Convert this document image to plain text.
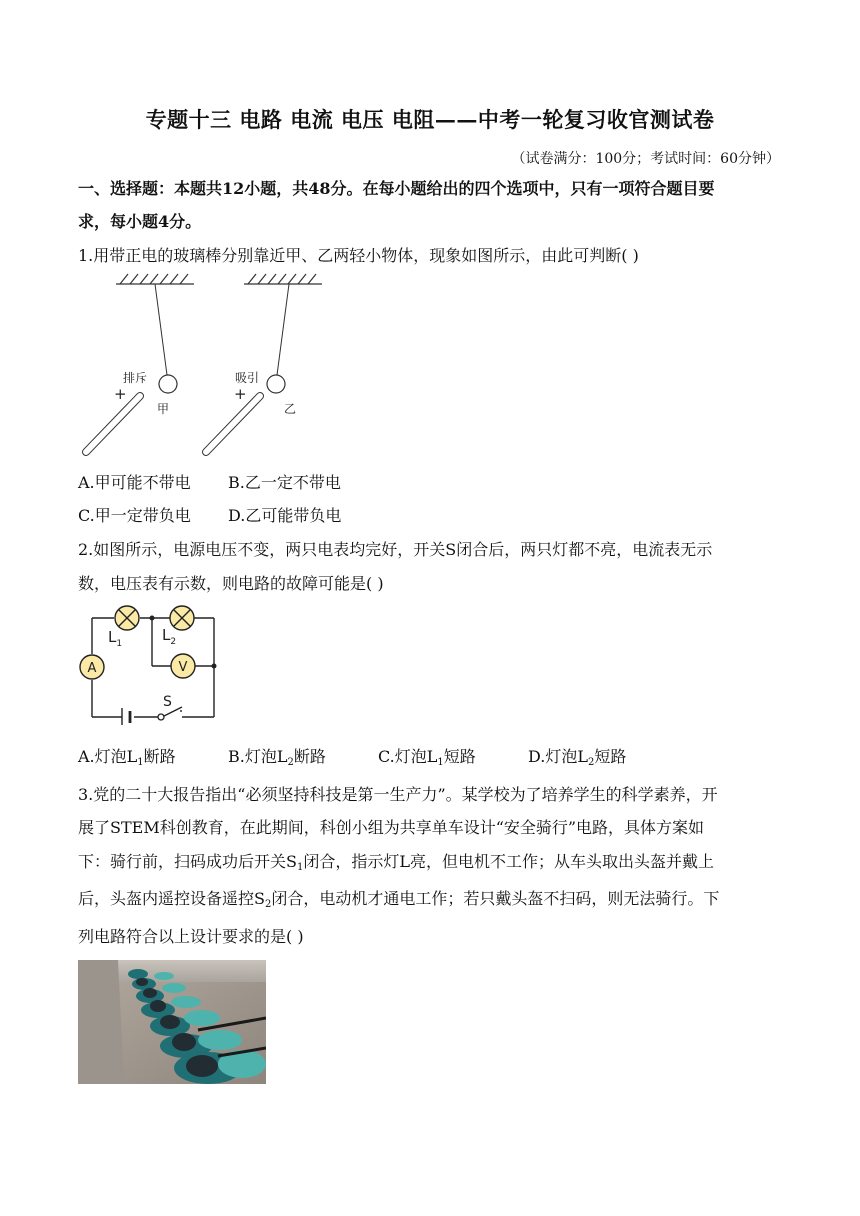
专题十三 电路 电流 电压 电阻——中考一轮复习收官测试卷
（试卷满分：100分；考试时间：60分钟）
一、选择题：本题共12小题，共48分。在每小题给出的四个选项中，只有一项符合题目要
求，每小题4分。
1.用带正电的玻璃棒分别靠近甲、乙两轻小物体，现象如图所示，由此可判断( )
排斥
甲
+
吸引
乙
+
A.甲可能不带电 B.乙一定不带电
C.甲一定带负电 D.乙可能带负电
2.如图所示，电源电压不变，两只电表均完好，开关S闭合后，两只灯都不亮，电流表无示
数，电压表有示数，则电路的故障可能是( )
$L_1$	$L_2$
A	V
S
A.灯泡$L_1$断路	B.灯泡$L_2$断路	C.灯泡$L_1$短路	D.灯泡$L_2$短路
3.党的二十大报告指出“必须坚持科技是第一生产力”。某学校为了培养学生的科学素养，开
展了STEM科创教育，在此期间，科创小组为共享单车设计“安全骑行”电路，具体方案如
下：骑行前，扫码成功后开关$S_1$闭合，指示灯L亮，但电机不工作；从车头取出头盔并戴上
后，头盔内遥控设备遥控$S_2$闭合，电动机才通电工作；若只戴头盔不扫码，则无法骑行。下
列电路符合以上设计要求的是( )
